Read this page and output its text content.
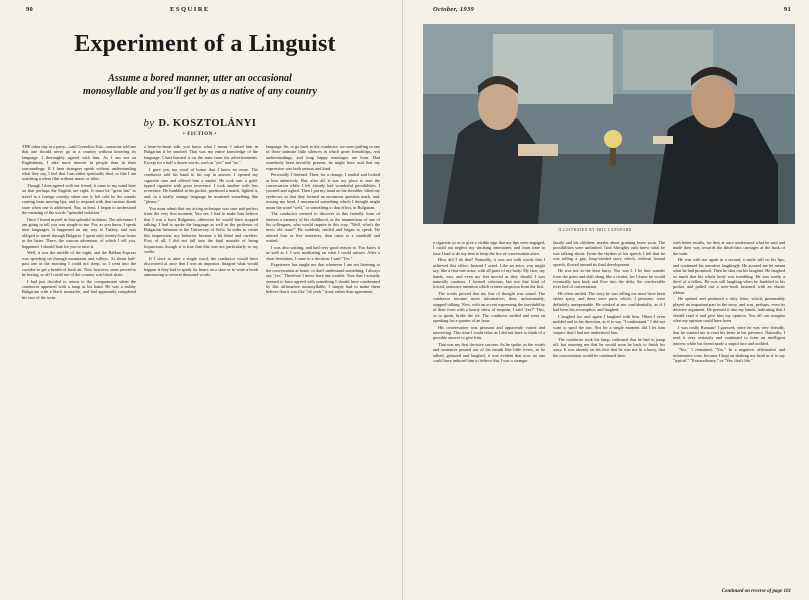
90	ESQUIRE
Experiment of a Linguist

Assume a bored manner, utter an occasional monosyllable and you'll get by as a native of any country

by D. KOSZTOLÁNYI
• FICTION •

THE other day at a party—said Cornelius Esti—someone told me that one should never go to a country without knowing its language. I thoroughly agreed with him. As I am not an Englishman, I take more interest in people than in their surroundings. If I hear strangers speak without understanding what they say, I feel that I am either spiritually deaf, or that I am watching a silent film without music or titles.

Though I then agreed with our friend, it came to my mind later on that perhaps the English are right. It must be "great fun" to travel in a foreign country when one is left cold by the sounds coming from moving lips, and to respond with that curious dumb stare when one is addressed. Nor, at least, I began to understand the meaning of the words "splendid isolation."

Once I found myself in that splendid isolation. The adventure I am going to tell you was simple to me. For, as you know, I speak nine languages. It happened on my way to Turkey, and was obliged to travel through Bulgaria. I spent only twenty-four hours in the latter. There, the curious adventure, of which I tell you, happened. I should hate for you to miss it.

Well, it was the middle of the night, and the Balkan Express was speeding on through mountains and valleys. At about half-past one in the morning I could not sleep, so I went into the corridor to get a breath of fresh air. This, however, soon proved to be boring, so all I could see of the country was black skies.

I had just decided to return to the compartment when the conductor appeared with a lamp in his hand. He was a stubby Bulgarian with a black mustache, and had apparently completed his tour of the train.

a heart-to-heart talk, you know what I mean. I asked him in Bulgarian if he smoked. That was my entire knowledge of the language. I had learned it on the train from the advertisements. Except for a half a dozen words, such as "yes" and "no."

I gave you my word of honor that I knew no more. The conductor told his hand to his cap in answer. I opened my cigarette case and offered him a smoke. He took one, a gold-tipped cigarette with great reverence. I took another with less reverence. He fumbled in his pocket, produced a match, lighted it, and, in a totally strange language he muttered something like "please."

You must admit that my acting technique was sure and perfect from the very first moment. You see, I had to make him believe that I was a born Bulgarian, otherwise he would have stopped talking. I had to spoke the language as well as the professor of Bulgarian literature at the University of Sofia. In order to create this impression, my behavior became a bit blasé and careless. First of all, I did not fall into the fatal mistake of being loquacious, though it is true that this was not particularly to my credit.

If I were to utter a single word, the conductor would have discovered at once that I was an impostor. Imagine what would happen if they had to speak for hours on a shoe or to write a book announcing to several thousand words.

language. So, to go back to the conductor, we were puffing in one of those intimate little silences in which great friendships, real understandings, and long happy marriages are born. Had somebody been invisibly present, he might have said that my expression was both serious and kind.

Personally I listened. Then, for a change, I smiled and looked at him attentively. But, after all, it was my place to start the conversation while I felt already had wonderful possibilities. I yawned and sighed. Then I put my hand on his shoulder, lifted my eyebrows so that they formed an enormous question mark, and, tossing my head, I murmured something which I thought might mean the word "well," or something to that effect, in Bulgarian.

The conductor seemed to discover in this friendly form of interest a memory of his childhood, or the mannerisms of one of his colleagues, who would inquire in this way, "Well, what's the news old man?" He suddenly smiled and began to speak. He uttered four or five sentences, then came to a standstill and waited.

I was also waiting, and had very good reason to. You know it as well as I. I was meditating on what I could answer. After a short hesitation, I came to a decision. I said "Yes."

Experience has taught me that whenever I am not listening to the conversation at home, or don't understand something, I always say "yes." Therefore I never have any trouble. Now that I actually seemed to have agreed with something I should have condemned by this affirmative monosyllable, I simply had to make them believe that it was like "oh yeah," irony rather than agreement.

October, 1939	91
ILLUSTRATED BY ERIC LANGFORD

a cigarette so as to give a visible sign that my lips were engaged, I could not neglect my smoking entertainer, and from time to time I had to do my best to keep the fire of conversation alive.

How did I do that? Naturally, it was not with words that I achieved this effect. Instead I acted. Like an actor, you might say, like a first-rate actor, with all parts of my body. My face, my hands, ears, and even my feet moved as they should. I was naturally cautious. I formed criticism, but not that kind of forced, insincere attention which creates suspicion from the first.

The words proved that my line of thought was sound. The conductor became more informative; then, unfortunately, stopped talking. Now, with an accent expressing the inevitability of their form with a hearty show of surprise, I said "yes?" This, so to speak, broke the ice. The conductor smiled and went on speaking for a quarter of an hour.

His conversation was pleasant and apparently varied and interesting. This time I could relax as I did not have to think of a possible answer to give him.

That was my first decisive success. As he spoke, as the words and sentences poured out of his mouth like little rivers, as he talked, gestured and laughed, it was evident that now no one could have induced him to believe that I was a stranger.

family and his children; maybe about granting leave soon. The possibilities were unlimited. God Almighty only knew what he was talking about. From the rhythm of his speech I felt that he was telling a gay, long-winded story which, without formal speech, flowed around its final development.

He was not in the least hurry. Nor was I. I let him wander from the point and drift along like a rivulet, for I knew he would eventually turn back and flow into the delta, the comfortable river bed of conversation.

He often smiled. The story he was telling me must have been rather spicy, and there were parts which, I presume, were definitely unrepeatable. He winked at me confidentially, as if I had been his accomplice, and laughed.

I laughed too and again I laughed with him. Often I even nodded and in his direction, as if to say, "I understand." I did not want to spoil the fun. Not for a single moment did I let him suspect that I had not understood him.

The conductor took his lamp, indicated that he had to jump off, but assuring me that he would soon be back to finish his story. It was already on his face that he was not in a hurry, that the conversation would be continued later.

with better results, for they at once understood what he said and made their way towards the third-class carriages at the back of the train.

He was with me again in a second, a smile still on his lips, and continued his narrative laughingly. He assured me he meant what he had promised. Then he shot out his laughter. He laughed so much that his whole body was trembling. He was surely a devil of a fellow. He was still laughing when he fumbled in his pocket and pulled out a note-book fastened with an elastic ribbon.

He opened and produced a dirty letter, which, presumably played an important part in the story, and was, perhaps, even its decisive argument. He pressed it into my hands, indicating that I should read it and give him my opinion. You all can imagine what my opinion could have been.

I was really Russian! I guessed, since he was very friendly, that he wanted me to read his letter in his presence. Naturally, I read it very seriously and continued to form an intelligent interest while his friend made a stupid face and nodded.

"Yes," I remarked, "Yes." In a negative, affirmative and informative tone, because I kept on shaking my head as if to say "typical." "Extraordinary." or "Yes, that's life."

Continued on reverse of page 101
